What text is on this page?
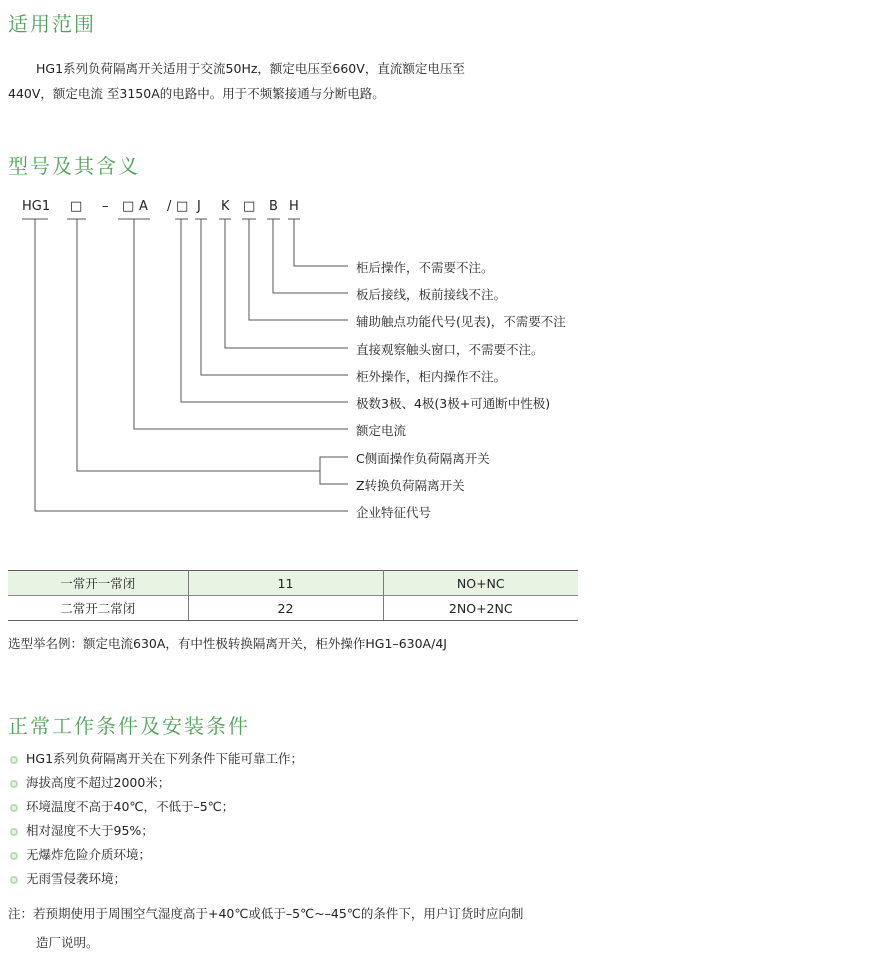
适用范围
HG1系列负荷隔离开关适用于交流50Hz，额定电压至660V，直流额定电压至
440V，额定电流 至3150A的电路中。用于不频繁接通与分断电路。
型号及其含义
HG1 □ – □ A / □ J K □ B H
柜后操作，不需要不注。
板后接线，板前接线不注。
辅助触点功能代号(见表)，不需要不注
直接观察触头窗口，不需要不注。
柜外操作，柜内操作不注。
极数3极、4极(3极+可通断中性极)
额定电流
C侧面操作负荷隔离开关
Z转换负荷隔离开关
企业特征代号
一常开一常闭	11	NO+NC
二常开二常闭	22	2NO+2NC
选型举名例：额定电流630A，有中性极转换隔离开关，柜外操作HG1–630A/4J
正常工作条件及安装条件
HG1系列负荷隔离开关在下列条件下能可靠工作；
海拔高度不超过2000米；
环境温度不高于40℃，不低于–5℃；
相对湿度不大于95%；
无爆炸危险介质环境；
无雨雪侵袭环境；
注：若预期使用于周围空气湿度高于+40℃或低于–5℃~–45℃的条件下，用户订货时应向制
造厂说明。
